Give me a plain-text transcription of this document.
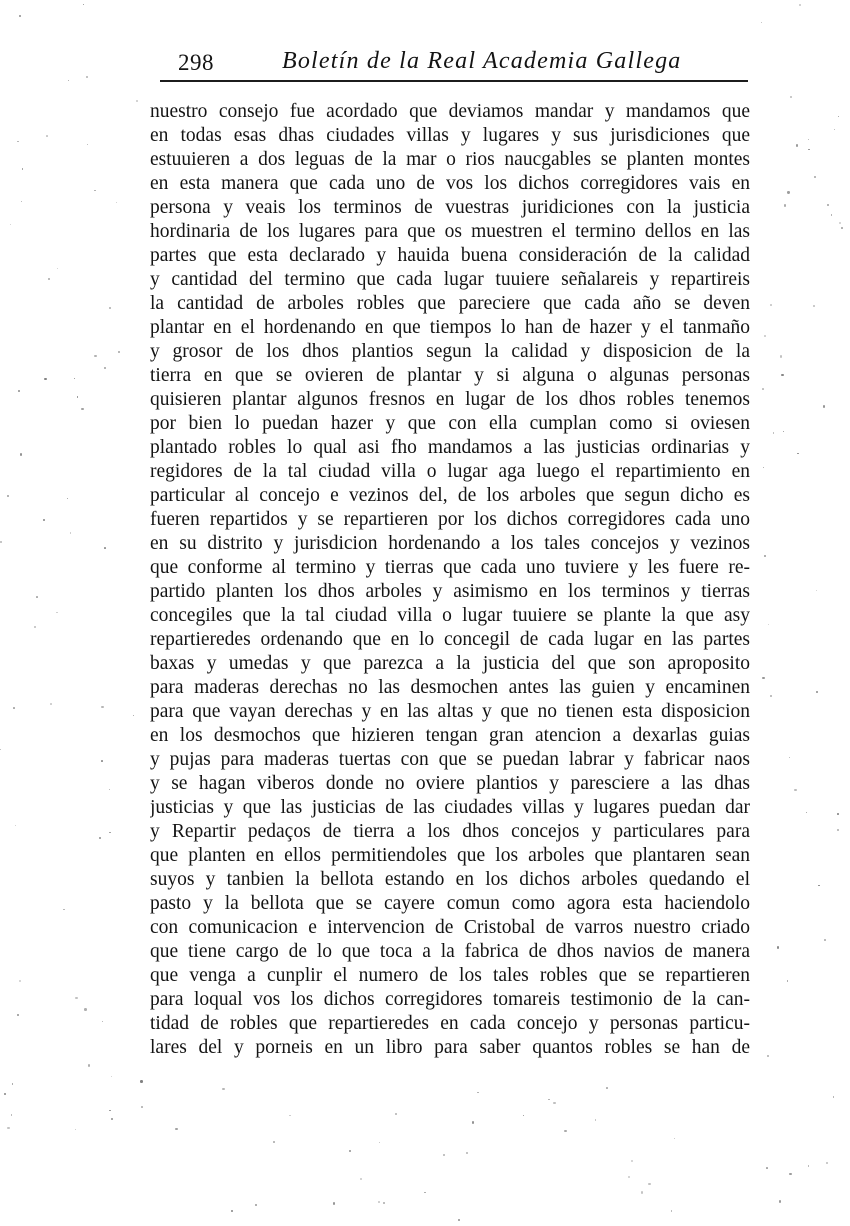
298	Boletín de la Real Academia Gallega
nuestro consejo fue acordado que deviamos mandar y mandamos que
en todas esas dhas ciudades villas y lugares y sus jurisdiciones que
estuuieren a dos leguas de la mar o rios naucgables se planten montes
en esta manera que cada uno de vos los dichos corregidores vais en
persona y veais los terminos de vuestras juridiciones con la justicia
hordinaria de los lugares para que os muestren el termino dellos en las
partes que esta declarado y hauida buena consideración de la calidad
y cantidad del termino que cada lugar tuuiere señalareis y repartireis
la cantidad de arboles robles que pareciere que cada año se deven
plantar en el hordenando en que tiempos lo han de hazer y el tanmaño
y grosor de los dhos plantios segun la calidad y disposicion de la
tierra en que se ovieren de plantar y si alguna o algunas personas
quisieren plantar algunos fresnos en lugar de los dhos robles tenemos
por bien lo puedan hazer y que con ella cumplan como si oviesen
plantado robles lo qual asi fho mandamos a las justicias ordinarias y
regidores de la tal ciudad villa o lugar aga luego el repartimiento en
particular al concejo e vezinos del, de los arboles que segun dicho es
fueren repartidos y se repartieren por los dichos corregidores cada uno
en su distrito y jurisdicion hordenando a los tales concejos y vezinos
que conforme al termino y tierras que cada uno tuviere y les fuere re-
partido planten los dhos arboles y asimismo en los terminos y tierras
concegiles que la tal ciudad villa o lugar tuuiere se plante la que asy
repartieredes ordenando que en lo concegil de cada lugar en las partes
baxas y umedas y que parezca a la justicia del que son aproposito
para maderas derechas no las desmochen antes las guien y encaminen
para que vayan derechas y en las altas y que no tienen esta disposicion
en los desmochos que hizieren tengan gran atencion a dexarlas guias
y pujas para maderas tuertas con que se puedan labrar y fabricar naos
y se hagan viberos donde no oviere plantios y paresciere a las dhas
justicias y que las justicias de las ciudades villas y lugares puedan dar
y Repartir pedaços de tierra a los dhos concejos y particulares para
que planten en ellos permitiendoles que los arboles que plantaren sean
suyos y tanbien la bellota estando en los dichos arboles quedando el
pasto y la bellota que se cayere comun como agora esta haciendolo
con comunicacion e intervencion de Cristobal de varros nuestro criado
que tiene cargo de lo que toca a la fabrica de dhos navios de manera
que venga a cunplir el numero de los tales robles que se repartieren
para loqual vos los dichos corregidores tomareis testimonio de la can-
tidad de robles que repartieredes en cada concejo y personas particu-
lares del y porneis en un libro para saber quantos robles se han de
